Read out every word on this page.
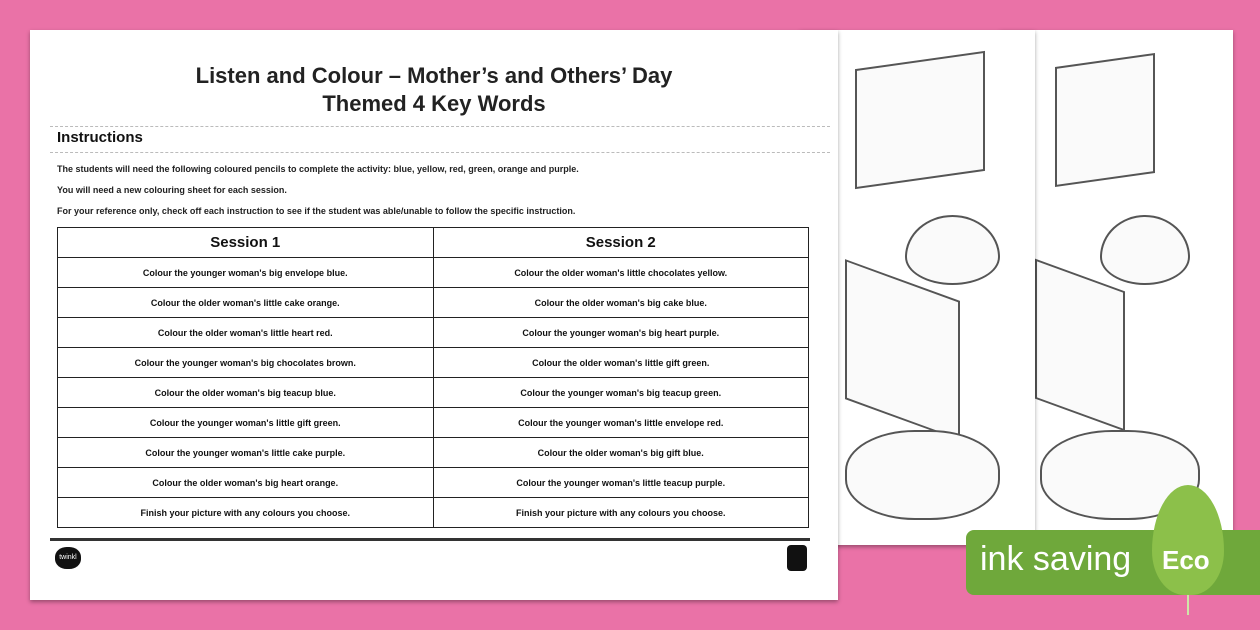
Listen and Colour – Mother’s and Others’ Day
Themed 4 Key Words
Instructions
The students will need the following coloured pencils to complete the activity: blue, yellow, red, green, orange and purple.
You will need a new colouring sheet for each session.
For your reference only, check off each instruction to see if the student was able/unable to follow the specific instruction.
Session 1	Session 2
Colour the younger woman's big envelope blue.	Colour the older woman's little chocolates yellow.
Colour the older woman's little cake orange.	Colour the older woman's big cake blue.
Colour the older woman's little heart red.	Colour the younger woman's big heart purple.
Colour the younger woman's big chocolates brown.	Colour the older woman's little gift green.
Colour the older woman's big teacup blue.	Colour the younger woman's big teacup green.
Colour the younger woman's little gift green.	Colour the younger woman's little envelope red.
Colour the younger woman's little cake purple.	Colour the older woman's big gift blue.
Colour the older woman's big heart orange.	Colour the younger woman's little teacup purple.
Finish your picture with any colours you choose.	Finish your picture with any colours you choose.
twinkl	ink saving Eco
